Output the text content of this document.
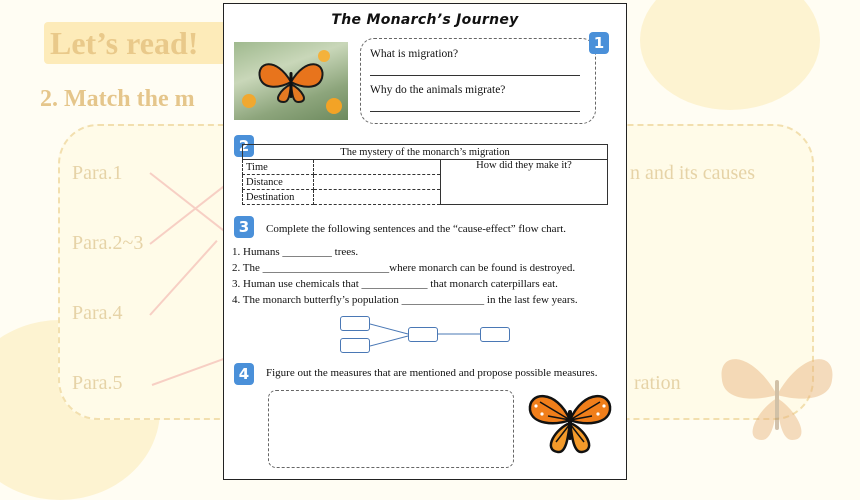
Let’s read!
2. Match the m
Para.1
Para.2~3
Para.4
Para.5
n and its causes
ration
The Monarch’s Journey
1
What is migration?
Why do the animals migrate?
2	The mystery of the monarch’s migration		
Time		How did they make it?
Distance		
Destination		
3	Complete the following sentences and the “cause-effect” flow chart.
1. Humans _________ trees.
2. The _______________________where monarch can be found is destroyed.
3. Human use chemicals that ____________ that monarch caterpillars eat.
4. The monarch butterfly’s population _______________ in the last few years.
4	Figure out the measures that are mentioned and propose possible measures.
